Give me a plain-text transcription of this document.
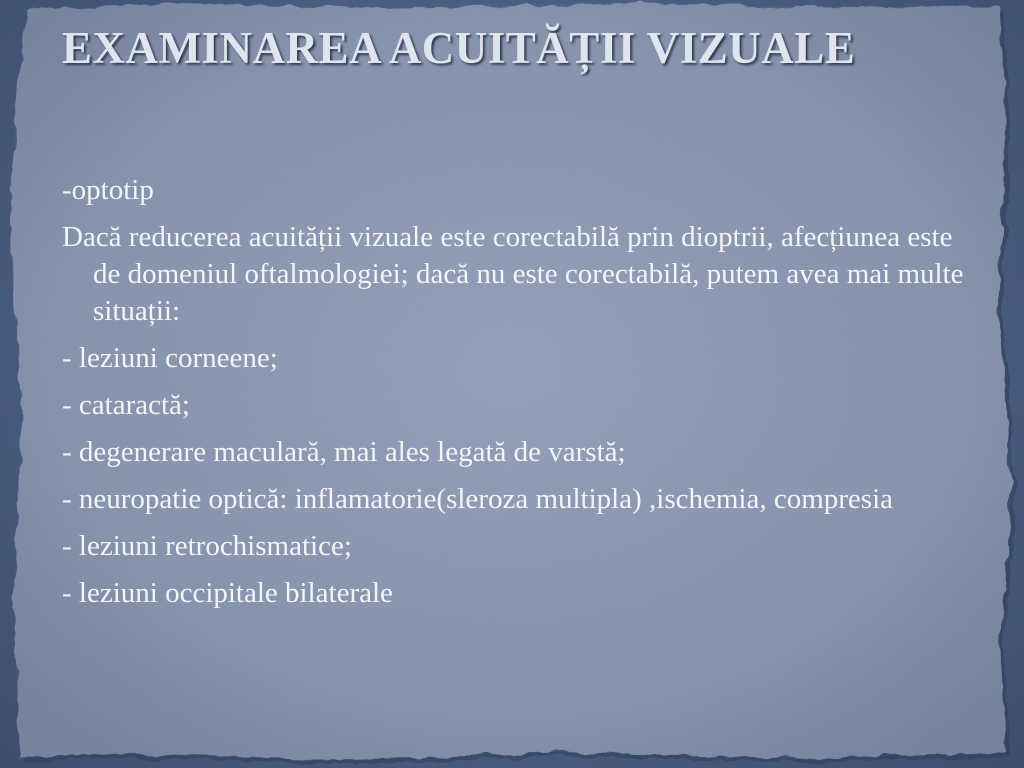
EXAMINAREA ACUITĂȚII VIZUALE

-optotip

Dacă reducerea acuității vizuale este corectabilă prin dioptrii, afecțiunea este de domeniul oftalmologiei; dacă nu este corectabilă, putem avea mai multe situații:

- leziuni corneene;

- cataractă;

- degenerare maculară, mai ales legată de varstă;

- neuropatie optică: inflamatorie(sleroza multipla) ,ischemia, compresia

- leziuni retrochismatice;

- leziuni occipitale bilaterale
